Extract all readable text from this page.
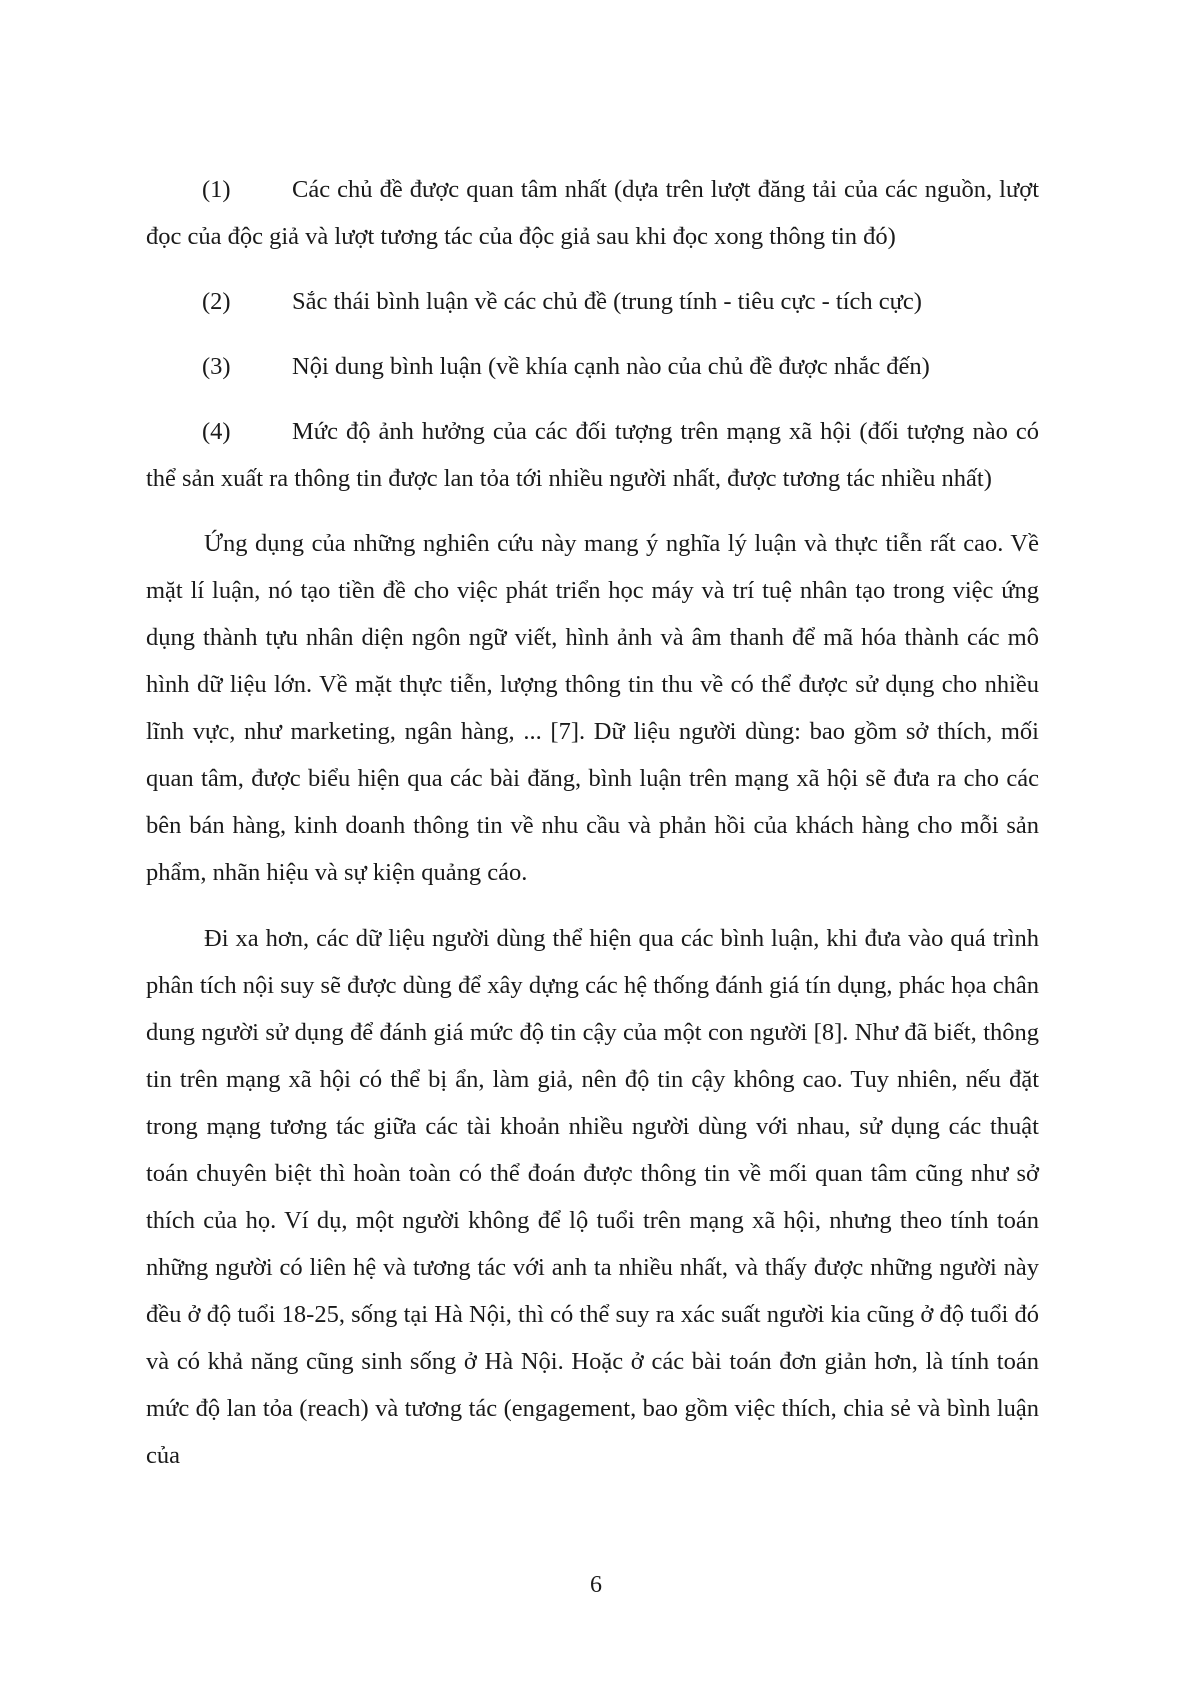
(1)	Các chủ đề được quan tâm nhất (dựa trên lượt đăng tải của các nguồn, lượt đọc của độc giả và lượt tương tác của độc giả sau khi đọc xong thông tin đó)

(2)	Sắc thái bình luận về các chủ đề (trung tính - tiêu cực - tích cực)

(3)	Nội dung bình luận (về khía cạnh nào của chủ đề được nhắc đến)

(4)	Mức độ ảnh hưởng của các đối tượng trên mạng xã hội (đối tượng nào có thể sản xuất ra thông tin được lan tỏa tới nhiều người nhất, được tương tác nhiều nhất)

Ứng dụng của những nghiên cứu này mang ý nghĩa lý luận và thực tiễn rất cao. Về mặt lí luận, nó tạo tiền đề cho việc phát triển học máy và trí tuệ nhân tạo trong việc ứng dụng thành tựu nhân diện ngôn ngữ viết, hình ảnh và âm thanh để mã hóa thành các mô hình dữ liệu lớn. Về mặt thực tiễn, lượng thông tin thu về có thể được sử dụng cho nhiều lĩnh vực, như marketing, ngân hàng, ... [7]. Dữ liệu người dùng: bao gồm sở thích, mối quan tâm, được biểu hiện qua các bài đăng, bình luận trên mạng xã hội sẽ đưa ra cho các bên bán hàng, kinh doanh thông tin về nhu cầu và phản hồi của khách hàng cho mỗi sản phẩm, nhãn hiệu và sự kiện quảng cáo.

Đi xa hơn, các dữ liệu người dùng thể hiện qua các bình luận, khi đưa vào quá trình phân tích nội suy sẽ được dùng để xây dựng các hệ thống đánh giá tín dụng, phác họa chân dung người sử dụng để đánh giá mức độ tin cậy của một con người [8]. Như đã biết, thông tin trên mạng xã hội có thể bị ẩn, làm giả, nên độ tin cậy không cao. Tuy nhiên, nếu đặt trong mạng tương tác giữa các tài khoản nhiều người dùng với nhau, sử dụng các thuật toán chuyên biệt thì hoàn toàn có thể đoán được thông tin về mối quan tâm cũng như sở thích của họ. Ví dụ, một người không để lộ tuổi trên mạng xã hội, nhưng theo tính toán những người có liên hệ và tương tác với anh ta nhiều nhất, và thấy được những người này đều ở độ tuổi 18-25, sống tại Hà Nội, thì có thể suy ra xác suất người kia cũng ở độ tuổi đó và có khả năng cũng sinh sống ở Hà Nội. Hoặc ở các bài toán đơn giản hơn, là tính toán mức độ lan tỏa (reach) và tương tác (engagement, bao gồm việc thích, chia sẻ và bình luận của

6
